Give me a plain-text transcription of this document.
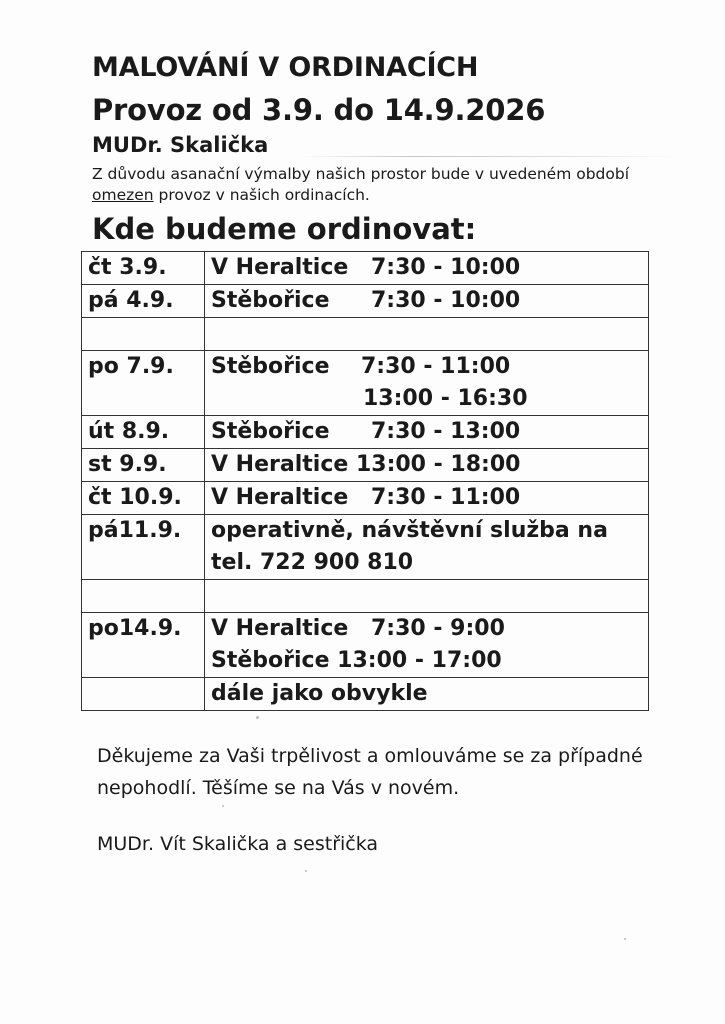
MALOVÁNÍ V ORDINACÍCH
Provoz od 3.9. do 14.9.2026
MUDr. Skalička

Z důvodu asanační výmalby našich prostor bude v uvedeném období omezen provoz v našich ordinacích.

Kde budeme ordinovat:
čt 3.9.	V Heraltice 7:30 - 10:00
pá 4.9.	Stěbořice 7:30 - 10:00

po 7.9.	Stěbořice 7:30 - 11:00
13:00 - 16:30

út 8.9.	Stěbořice 7:30 - 13:00
st 9.9.	V Heraltice 13:00 - 18:00
čt 10.9.	V Heraltice 7:30 - 11:00
pá11.9.	operativně, návštěvní služba na
tel. 722 900 810

po14.9.	V Heraltice 7:30 - 9:00
Stěbořice 13:00 - 17:00

	dále jako obvykle

Děkujeme za Vaši trpělivost a omlouváme se za případné nepohodlí. Těšíme se na Vás v novém.

MUDr. Vít Skalička a sestřička
